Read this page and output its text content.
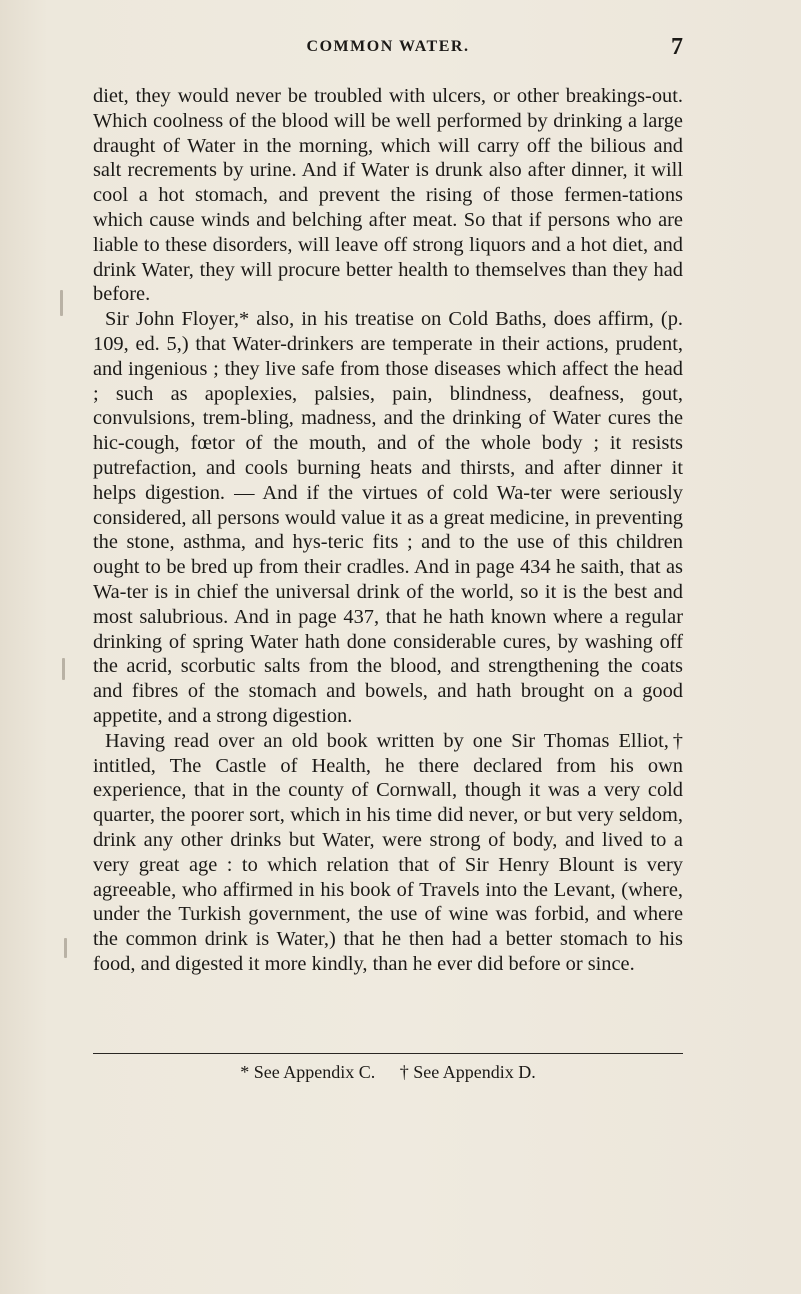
COMMON WATER.	7

diet, they would never be troubled with ulcers, or other breakings-out. Which coolness of the blood will be well performed by drinking a large draught of Water in the morning, which will carry off the bilious and salt recrements by urine. And if Water is drunk also after dinner, it will cool a hot stomach, and prevent the rising of those fermen-tations which cause winds and belching after meat. So that if persons who are liable to these disorders, will leave off strong liquors and a hot diet, and drink Water, they will procure better health to themselves than they had before.

Sir John Floyer,* also, in his treatise on Cold Baths, does affirm, (p. 109, ed. 5,) that Water-drinkers are temperate in their actions, prudent, and ingenious ; they live safe from those diseases which affect the head ; such as apoplexies, palsies, pain, blindness, deafness, gout, convulsions, trem-bling, madness, and the drinking of Water cures the hic-cough, fœtor of the mouth, and of the whole body ; it resists putrefaction, and cools burning heats and thirsts, and after dinner it helps digestion. — And if the virtues of cold Wa-ter were seriously considered, all persons would value it as a great medicine, in preventing the stone, asthma, and hys-teric fits ; and to the use of this children ought to be bred up from their cradles. And in page 434 he saith, that as Wa-ter is in chief the universal drink of the world, so it is the best and most salubrious. And in page 437, that he hath known where a regular drinking of spring Water hath done considerable cures, by washing off the acrid, scorbutic salts from the blood, and strengthening the coats and fibres of the stomach and bowels, and hath brought on a good appetite, and a strong digestion.

Having read over an old book written by one Sir Thomas Elliot,† intitled, The Castle of Health, he there declared from his own experience, that in the county of Cornwall, though it was a very cold quarter, the poorer sort, which in his time did never, or but very seldom, drink any other drinks but Water, were strong of body, and lived to a very great age : to which relation that of Sir Henry Blount is very agreeable, who affirmed in his book of Travels into the Levant, (where, under the Turkish government, the use of wine was forbid, and where the common drink is Water,) that he then had a better stomach to his food, and digested it more kindly, than he ever did before or since.

* See Appendix C. † See Appendix D.
